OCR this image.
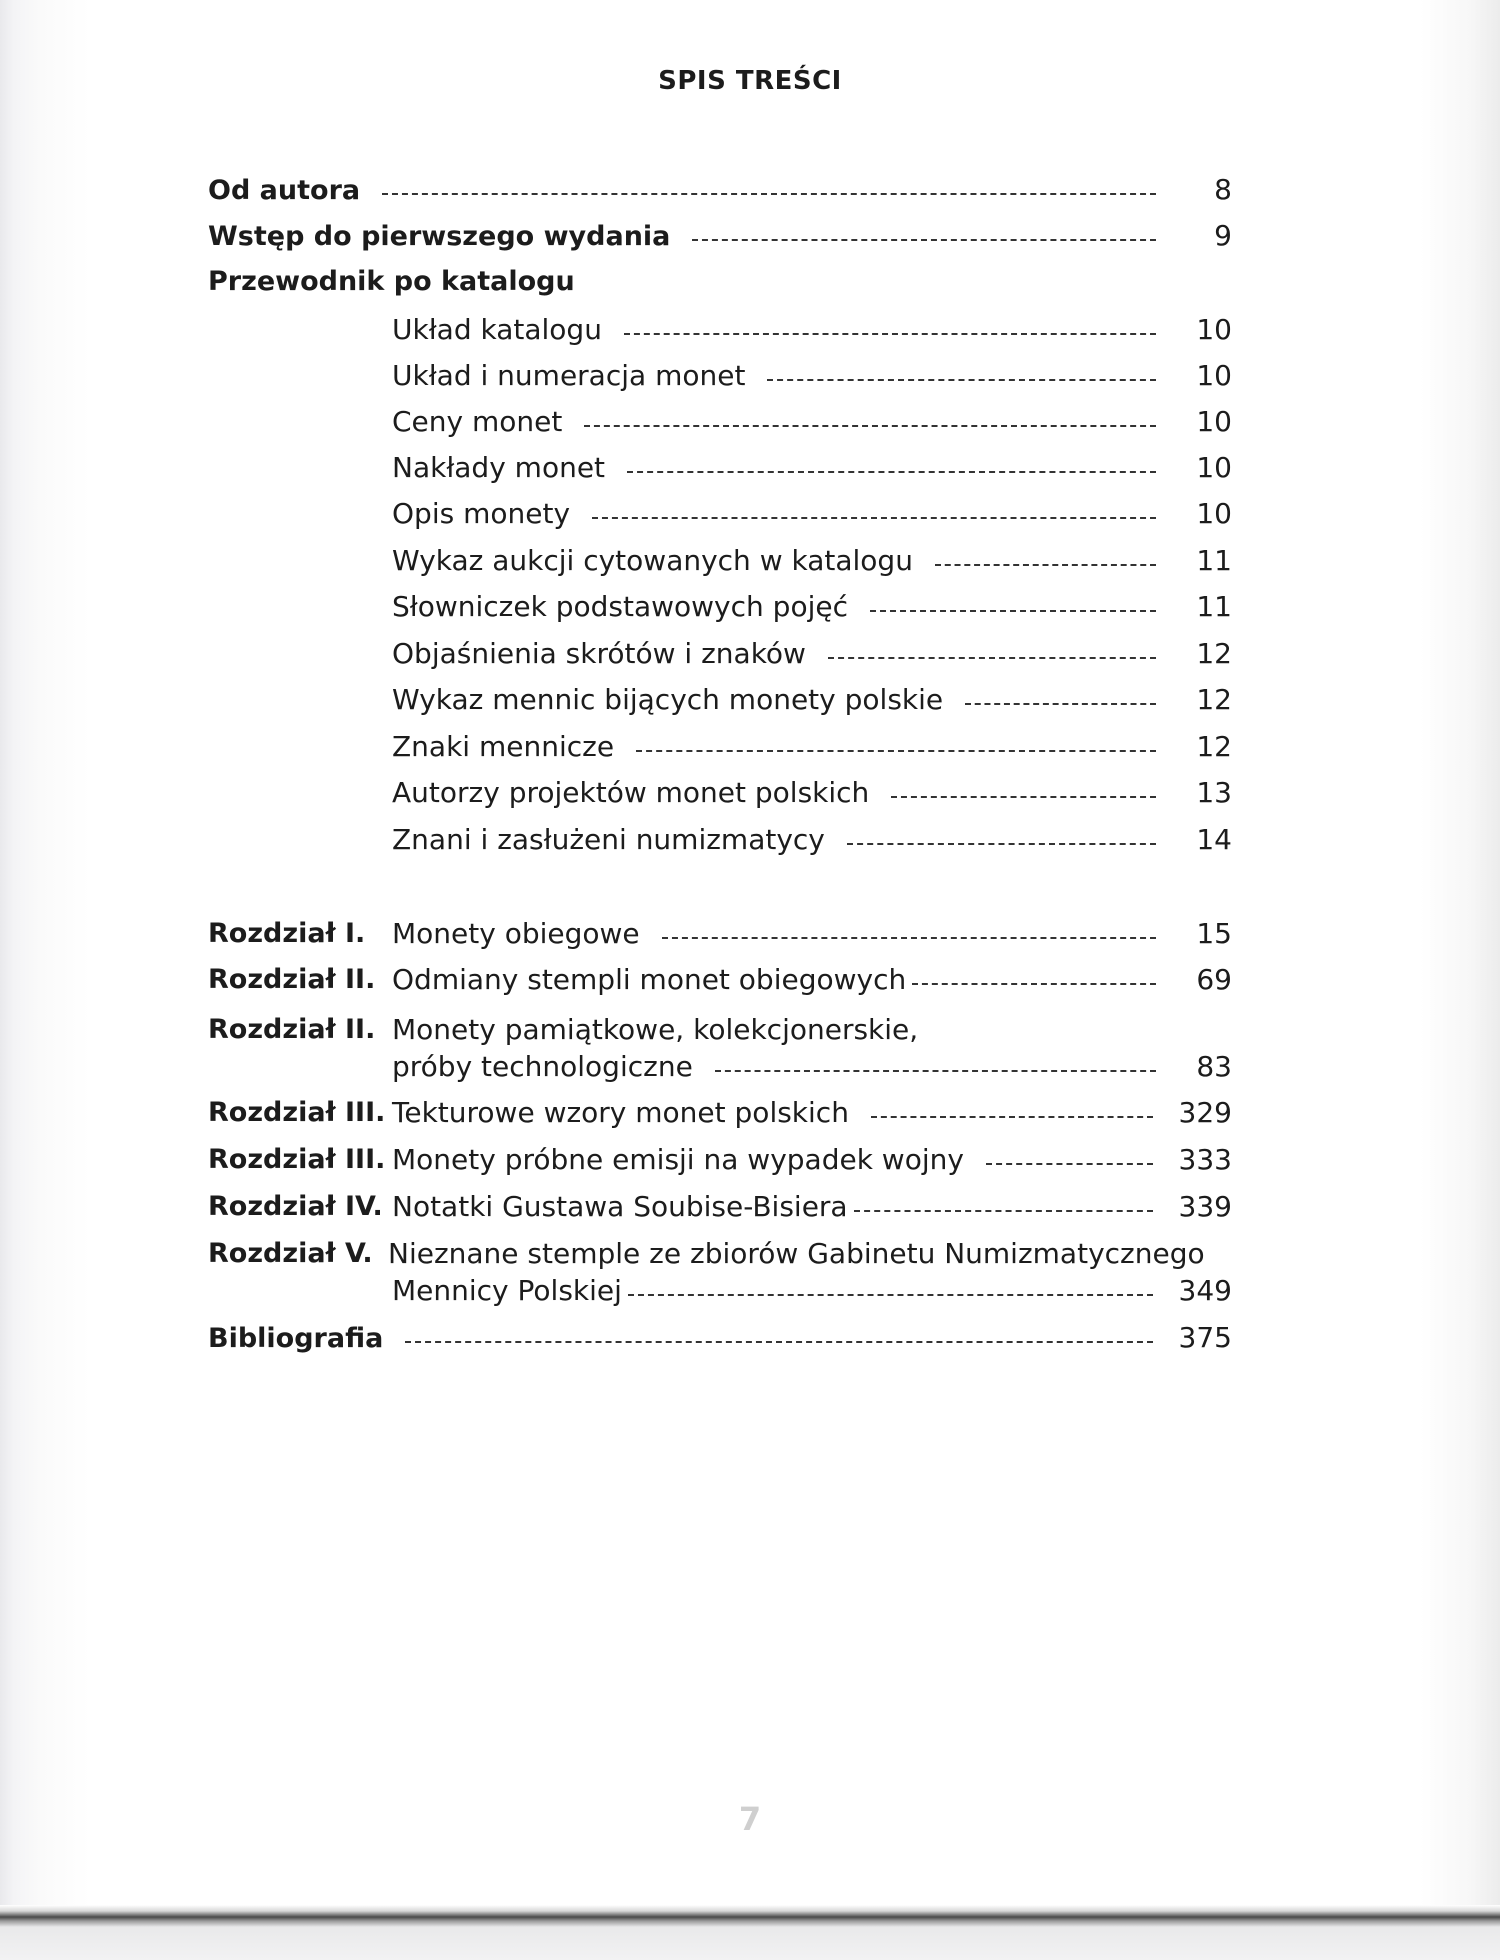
SPIS TREŚCI
Od autora	8
Wstęp do pierwszego wydania	9
Przewodnik po katalogu
Układ katalogu	10
Układ i numeracja monet	10
Ceny monet	10
Nakłady monet	10
Opis monety	10
Wykaz aukcji cytowanych w katalogu	11
Słowniczek podstawowych pojęć	11
Objaśnienia skrótów i znaków	12
Wykaz mennic bijących monety polskie	12
Znaki mennicze	12
Autorzy projektów monet polskich	13
Znani i zasłużeni numizmatycy	14
Rozdział I. Monety obiegowe	15
Rozdział II. Odmiany stempli monet obiegowych	69
Rozdział II. Monety pamiątkowe, kolekcjonerskie,
próby technologiczne	83
Rozdział III. Tekturowe wzory monet polskich	329
Rozdział III. Monety próbne emisji na wypadek wojny	333
Rozdział IV. Notatki Gustawa Soubise-Bisiera	339
Rozdział V. Nieznane stemple ze zbiorów Gabinetu Numizmatycznego
Mennicy Polskiej	349
Bibliografia	375
7
